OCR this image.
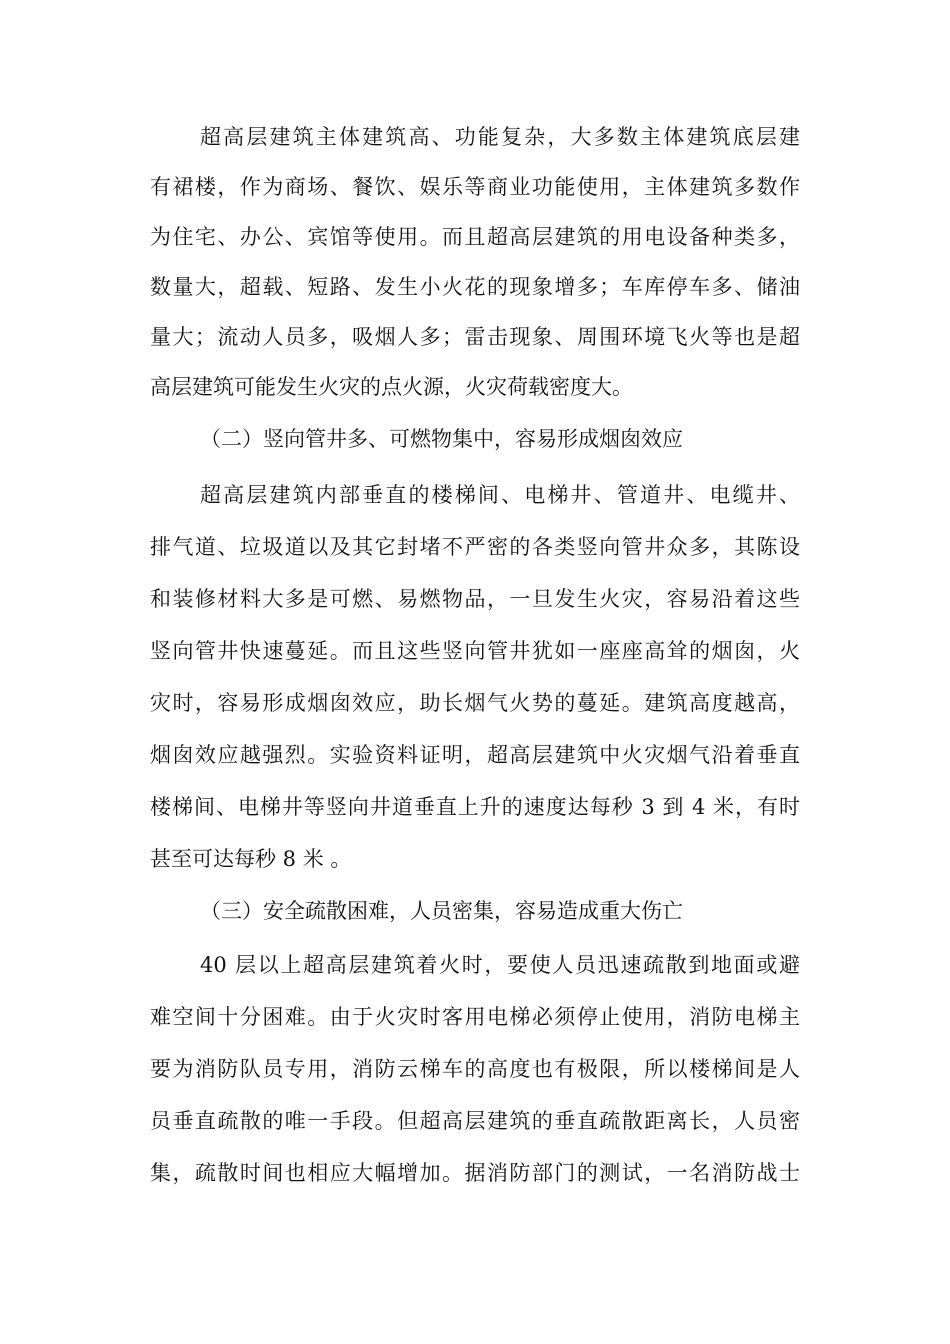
超高层建筑主体建筑高、功能复杂，大多数主体建筑底层建
有裙楼，作为商场、餐饮、娱乐等商业功能使用，主体建筑多数作
为住宅、办公、宾馆等使用。而且超高层建筑的用电设备种类多，
数量大，超载、短路、发生小火花的现象增多；车库停车多、储油
量大；流动人员多，吸烟人多；雷击现象、周围环境飞火等也是超
高层建筑可能发生火灾的点火源，火灾荷载密度大。
（二）竖向管井多、可燃物集中，容易形成烟囱效应
超高层建筑内部垂直的楼梯间、电梯井、管道井、电缆井、
排气道、垃圾道以及其它封堵不严密的各类竖向管井众多，其陈设
和装修材料大多是可燃、易燃物品，一旦发生火灾，容易沿着这些
竖向管井快速蔓延。而且这些竖向管井犹如一座座高耸的烟囱，火
灾时，容易形成烟囱效应，助长烟气火势的蔓延。建筑高度越高，
烟囱效应越强烈。实验资料证明，超高层建筑中火灾烟气沿着垂直
楼梯间、电梯井等竖向井道垂直上升的速度达每秒 3 到 4 米，有时
甚至可达每秒 8 米 。
（三）安全疏散困难，人员密集，容易造成重大伤亡
40 层以上超高层建筑着火时，要使人员迅速疏散到地面或避
难空间十分困难。由于火灾时客用电梯必须停止使用，消防电梯主
要为消防队员专用，消防云梯车的高度也有极限，所以楼梯间是人
员垂直疏散的唯一手段。但超高层建筑的垂直疏散距离长，人员密
集，疏散时间也相应大幅增加。据消防部门的测试，一名消防战士
